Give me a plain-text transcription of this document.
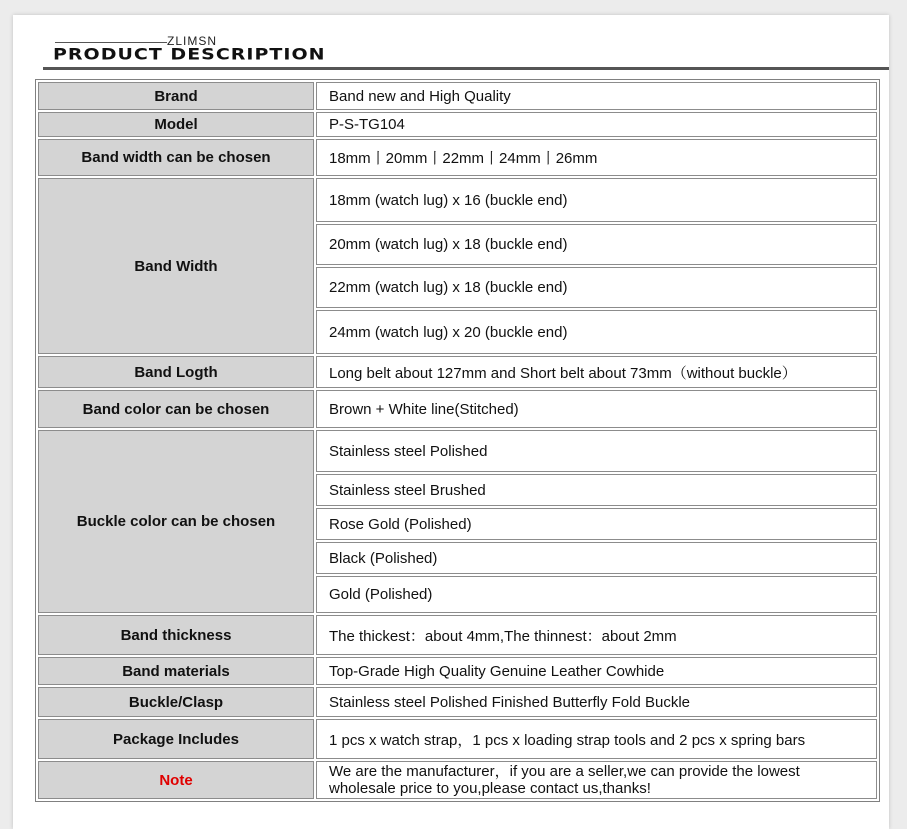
ZLIMSN
PRODUCT DESCRIPTION
Brand	Band new and High Quality
Model	P-S-TG104
Band width can be chosen	18mm丨20mm丨22mm丨24mm丨26mm
Band Width	18mm (watch lug) x 16 (buckle end)
	20mm (watch lug) x 18 (buckle end)
	22mm (watch lug) x 18 (buckle end)
	24mm (watch lug) x 20 (buckle end)
Band Logth	Long belt about 127mm and Short belt about 73mm（without buckle）
Band color can be chosen	Brown + White line(Stitched)
Buckle color can be chosen	Stainless steel Polished
	Stainless steel Brushed
	Rose Gold (Polished)
	Black (Polished)
	Gold (Polished)
Band thickness	The thickest：about 4mm,The thinnest：about 2mm
Band materials	Top-Grade High Quality Genuine Leather Cowhide
Buckle/Clasp	Stainless steel Polished Finished Butterfly Fold Buckle
Package Includes	1 pcs x watch strap，1 pcs x loading strap tools and 2 pcs x spring bars
Note	We are the manufacturer，if you are a seller,we can provide the lowest
wholesale price to you,please contact us,thanks!
